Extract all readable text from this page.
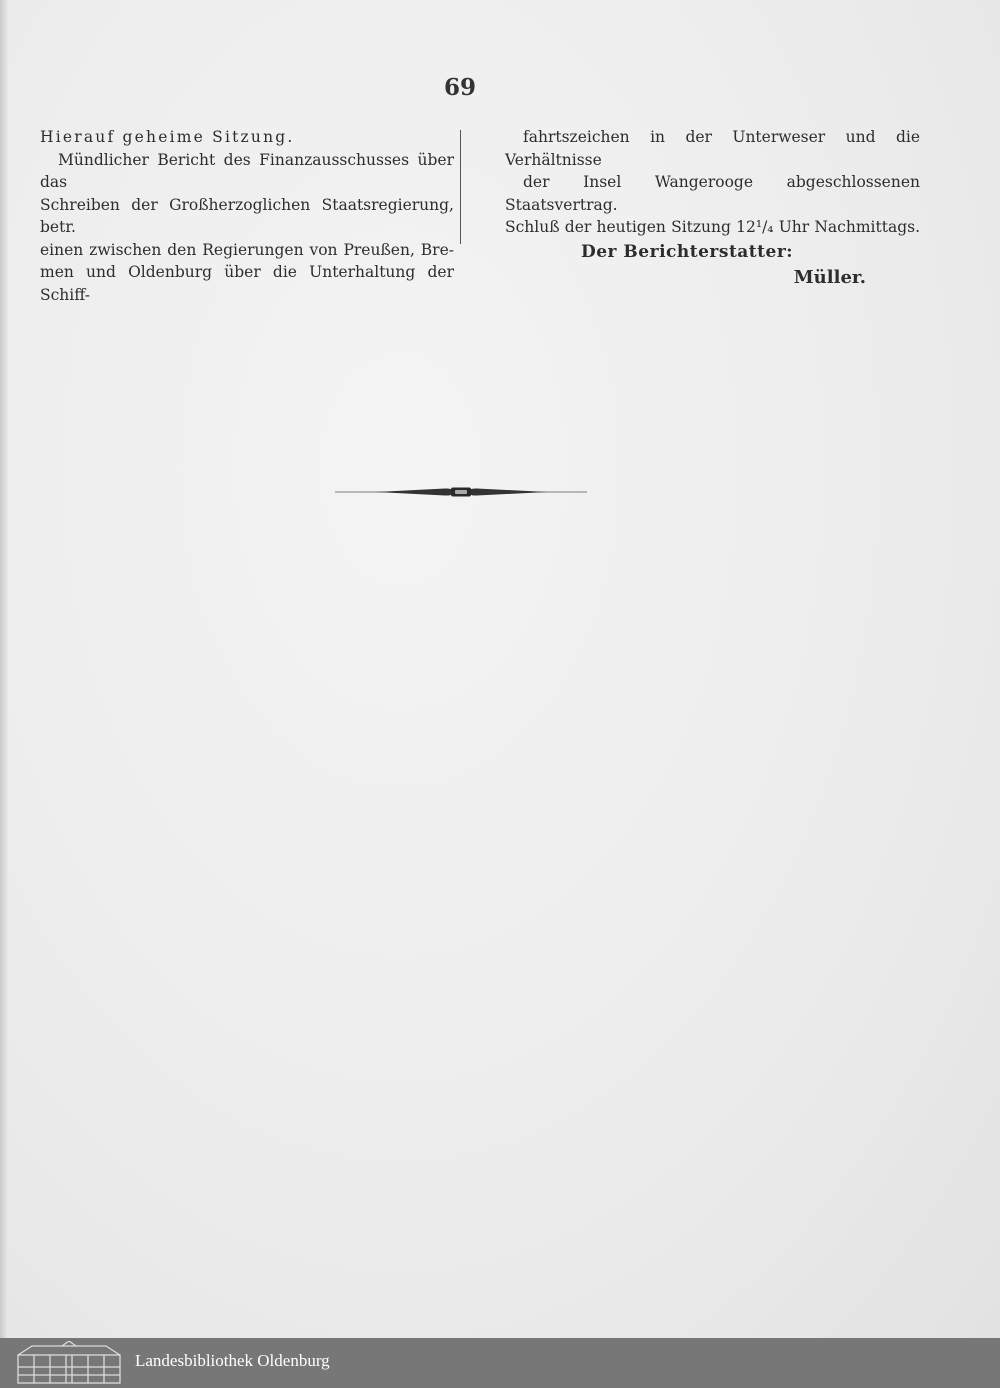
69

Hierauf geheime Sitzung.

Mündlicher Bericht des Finanzausschusses über das

Schreiben der Großherzoglichen Staatsregierung, betr.

einen zwischen den Regierungen von Preußen, Bre-

men und Oldenburg über die Unterhaltung der Schiff-

fahrtszeichen in der Unterweser und die Verhältnisse

der Insel Wangerooge abgeschlossenen Staatsvertrag.

Schluß der heutigen Sitzung 12¹/₄ Uhr Nachmittags.

Der Berichterstatter:

Müller.

Landesbibliothek Oldenburg
